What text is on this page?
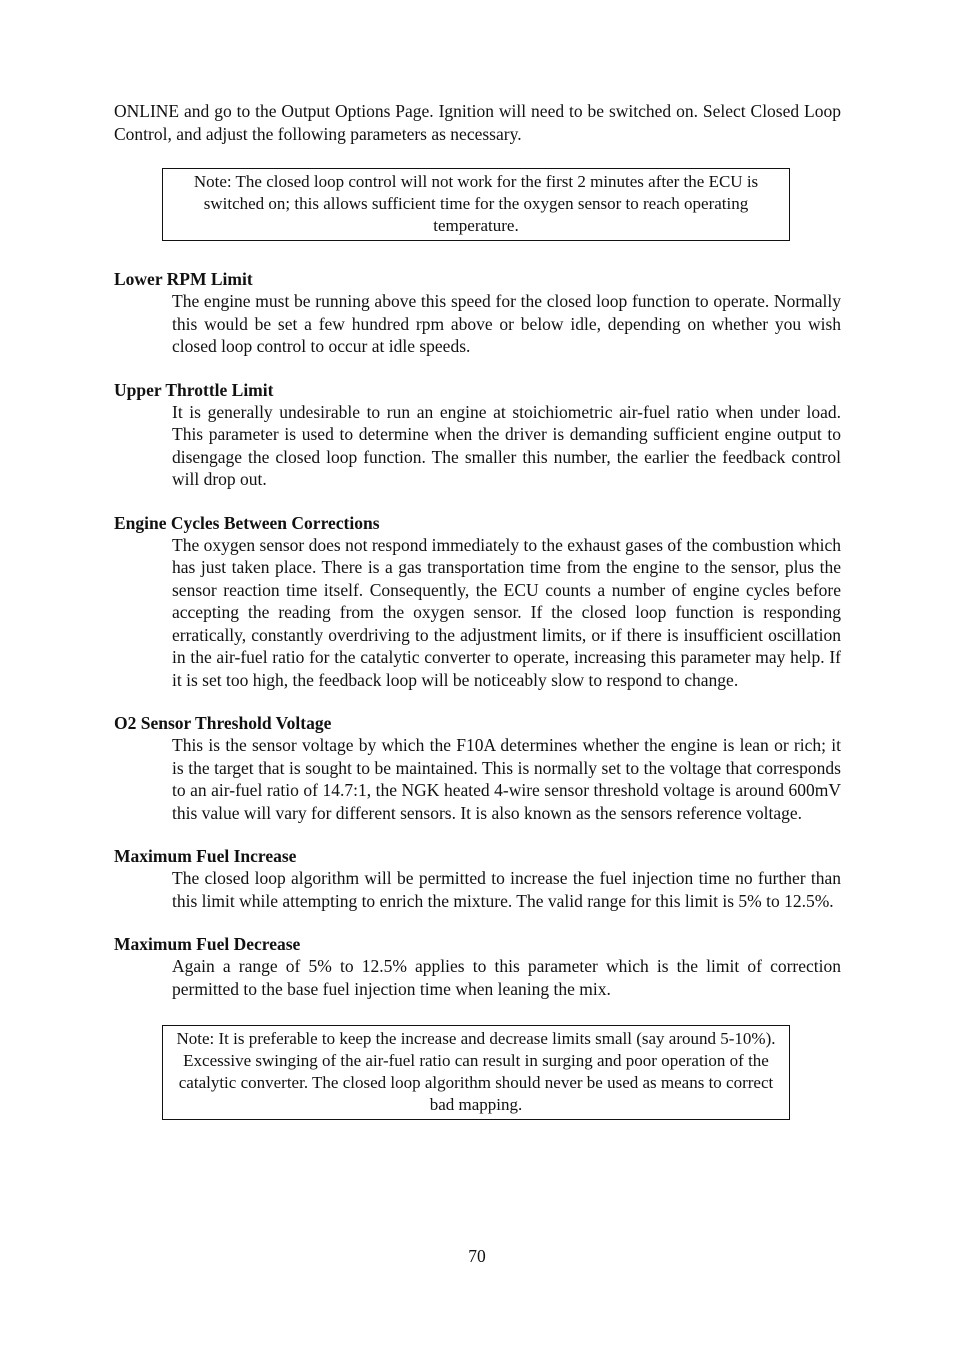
ONLINE and go to the Output Options Page. Ignition will need to be switched on. Select Closed Loop Control, and adjust the following parameters as necessary.

Note: The closed loop control will not work for the first 2 minutes after the ECU is switched on; this allows sufficient time for the oxygen sensor to reach operating temperature.

Lower RPM Limit

The engine must be running above this speed for the closed loop function to operate. Normally this would be set a few hundred rpm above or below idle, depending on whether you wish closed loop control to occur at idle speeds.

Upper Throttle Limit

It is generally undesirable to run an engine at stoichiometric air-fuel ratio when under load. This parameter is used to determine when the driver is demanding sufficient engine output to disengage the closed loop function. The smaller this number, the earlier the feedback control will drop out.

Engine Cycles Between Corrections

The oxygen sensor does not respond immediately to the exhaust gases of the combustion which has just taken place. There is a gas transportation time from the engine to the sensor, plus the sensor reaction time itself. Consequently, the ECU counts a number of engine cycles before accepting the reading from the oxygen sensor. If the closed loop function is responding erratically, constantly overdriving to the adjustment limits, or if there is insufficient oscillation in the air-fuel ratio for the catalytic converter to operate, increasing this parameter may help. If it is set too high, the feedback loop will be noticeably slow to respond to change.

O2 Sensor Threshold Voltage

This is the sensor voltage by which the F10A determines whether the engine is lean or rich; it is the target that is sought to be maintained. This is normally set to the voltage that corresponds to an air-fuel ratio of 14.7:1, the NGK heated 4-wire sensor threshold voltage is around 600mV this value will vary for different sensors. It is also known as the sensors reference voltage.

Maximum Fuel Increase

The closed loop algorithm will be permitted to increase the fuel injection time no further than this limit while attempting to enrich the mixture. The valid range for this limit is 5% to 12.5%.

Maximum Fuel Decrease

Again a range of 5% to 12.5% applies to this parameter which is the limit of correction permitted to the base fuel injection time when leaning the mix.

Note: It is preferable to keep the increase and decrease limits small (say around 5-10%). Excessive swinging of the air-fuel ratio can result in surging and poor operation of the catalytic converter. The closed loop algorithm should never be used as means to correct bad mapping.

70
